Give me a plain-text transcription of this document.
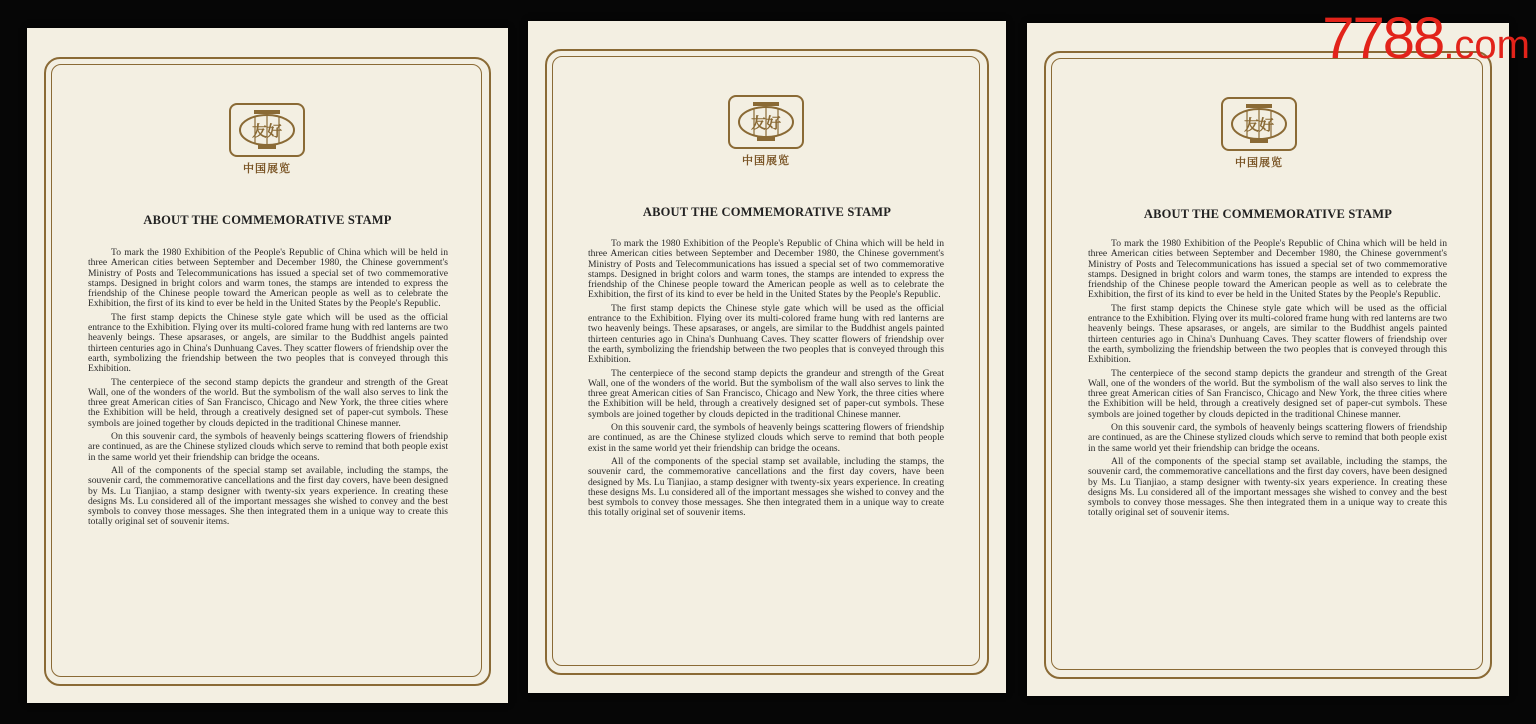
友好
中国展览
ABOUT THE COMMEMORATIVE STAMP

To mark the 1980 Exhibition of the People's Republic of China which will be held in three American cities between September and December 1980, the Chinese government's Ministry of Posts and Telecommunications has issued a special set of two commemorative stamps. Designed in bright colors and warm tones, the stamps are intended to express the friendship of the Chinese people toward the American people as well as to celebrate the Exhibition, the first of its kind to ever be held in the United States by the People's Republic.

The first stamp depicts the Chinese style gate which will be used as the official entrance to the Exhibition. Flying over its multi-colored frame hung with red lanterns are two heavenly beings. These apsarases, or angels, are similar to the Buddhist angels painted thirteen centuries ago in China's Dunhuang Caves. They scatter flowers of friendship over the earth, symbolizing the friendship between the two peoples that is conveyed through this Exhibition.

The centerpiece of the second stamp depicts the grandeur and strength of the Great Wall, one of the wonders of the world. But the symbolism of the wall also serves to link the three great American cities of San Francisco, Chicago and New York, the three cities where the Exhibition will be held, through a creatively designed set of paper-cut symbols. These symbols are joined together by clouds depicted in the traditional Chinese manner.

On this souvenir card, the symbols of heavenly beings scattering flowers of friendship are continued, as are the Chinese stylized clouds which serve to remind that both people exist in the same world yet their friendship can bridge the oceans.

All of the components of the special stamp set available, including the stamps, the souvenir card, the commemorative cancellations and the first day covers, have been designed by Ms. Lu Tianjiao, a stamp designer with twenty-six years experience. In creating these designs Ms. Lu considered all of the important messages she wished to convey and the best symbols to convey those messages. She then integrated them in a unique way to create this totally original set of souvenir items.

友好
中国展览
ABOUT THE COMMEMORATIVE STAMP

To mark the 1980 Exhibition of the People's Republic of China which will be held in three American cities between September and December 1980, the Chinese government's Ministry of Posts and Telecommunications has issued a special set of two commemorative stamps. Designed in bright colors and warm tones, the stamps are intended to express the friendship of the Chinese people toward the American people as well as to celebrate the Exhibition, the first of its kind to ever be held in the United States by the People's Republic.

The first stamp depicts the Chinese style gate which will be used as the official entrance to the Exhibition. Flying over its multi-colored frame hung with red lanterns are two heavenly beings. These apsarases, or angels, are similar to the Buddhist angels painted thirteen centuries ago in China's Dunhuang Caves. They scatter flowers of friendship over the earth, symbolizing the friendship between the two peoples that is conveyed through this Exhibition.

The centerpiece of the second stamp depicts the grandeur and strength of the Great Wall, one of the wonders of the world. But the symbolism of the wall also serves to link the three great American cities of San Francisco, Chicago and New York, the three cities where the Exhibition will be held, through a creatively designed set of paper-cut symbols. These symbols are joined together by clouds depicted in the traditional Chinese manner.

On this souvenir card, the symbols of heavenly beings scattering flowers of friendship are continued, as are the Chinese stylized clouds which serve to remind that both people exist in the same world yet their friendship can bridge the oceans.

All of the components of the special stamp set available, including the stamps, the souvenir card, the commemorative cancellations and the first day covers, have been designed by Ms. Lu Tianjiao, a stamp designer with twenty-six years experience. In creating these designs Ms. Lu considered all of the important messages she wished to convey and the best symbols to convey those messages. She then integrated them in a unique way to create this totally original set of souvenir items.

友好
中国展览
ABOUT THE COMMEMORATIVE STAMP

To mark the 1980 Exhibition of the People's Republic of China which will be held in three American cities between September and December 1980, the Chinese government's Ministry of Posts and Telecommunications has issued a special set of two commemorative stamps. Designed in bright colors and warm tones, the stamps are intended to express the friendship of the Chinese people toward the American people as well as to celebrate the Exhibition, the first of its kind to ever be held in the United States by the People's Republic.

The first stamp depicts the Chinese style gate which will be used as the official entrance to the Exhibition. Flying over its multi-colored frame hung with red lanterns are two heavenly beings. These apsarases, or angels, are similar to the Buddhist angels painted thirteen centuries ago in China's Dunhuang Caves. They scatter flowers of friendship over the earth, symbolizing the friendship between the two peoples that is conveyed through this Exhibition.

The centerpiece of the second stamp depicts the grandeur and strength of the Great Wall, one of the wonders of the world. But the symbolism of the wall also serves to link the three great American cities of San Francisco, Chicago and New York, the three cities where the Exhibition will be held, through a creatively designed set of paper-cut symbols. These symbols are joined together by clouds depicted in the traditional Chinese manner.

On this souvenir card, the symbols of heavenly beings scattering flowers of friendship are continued, as are the Chinese stylized clouds which serve to remind that both people exist in the same world yet their friendship can bridge the oceans.

All of the components of the special stamp set available, including the stamps, the souvenir card, the commemorative cancellations and the first day covers, have been designed by Ms. Lu Tianjiao, a stamp designer with twenty-six years experience. In creating these designs Ms. Lu considered all of the important messages she wished to convey and the best symbols to convey those messages. She then integrated them in a unique way to create this totally original set of souvenir items.

7788.com
